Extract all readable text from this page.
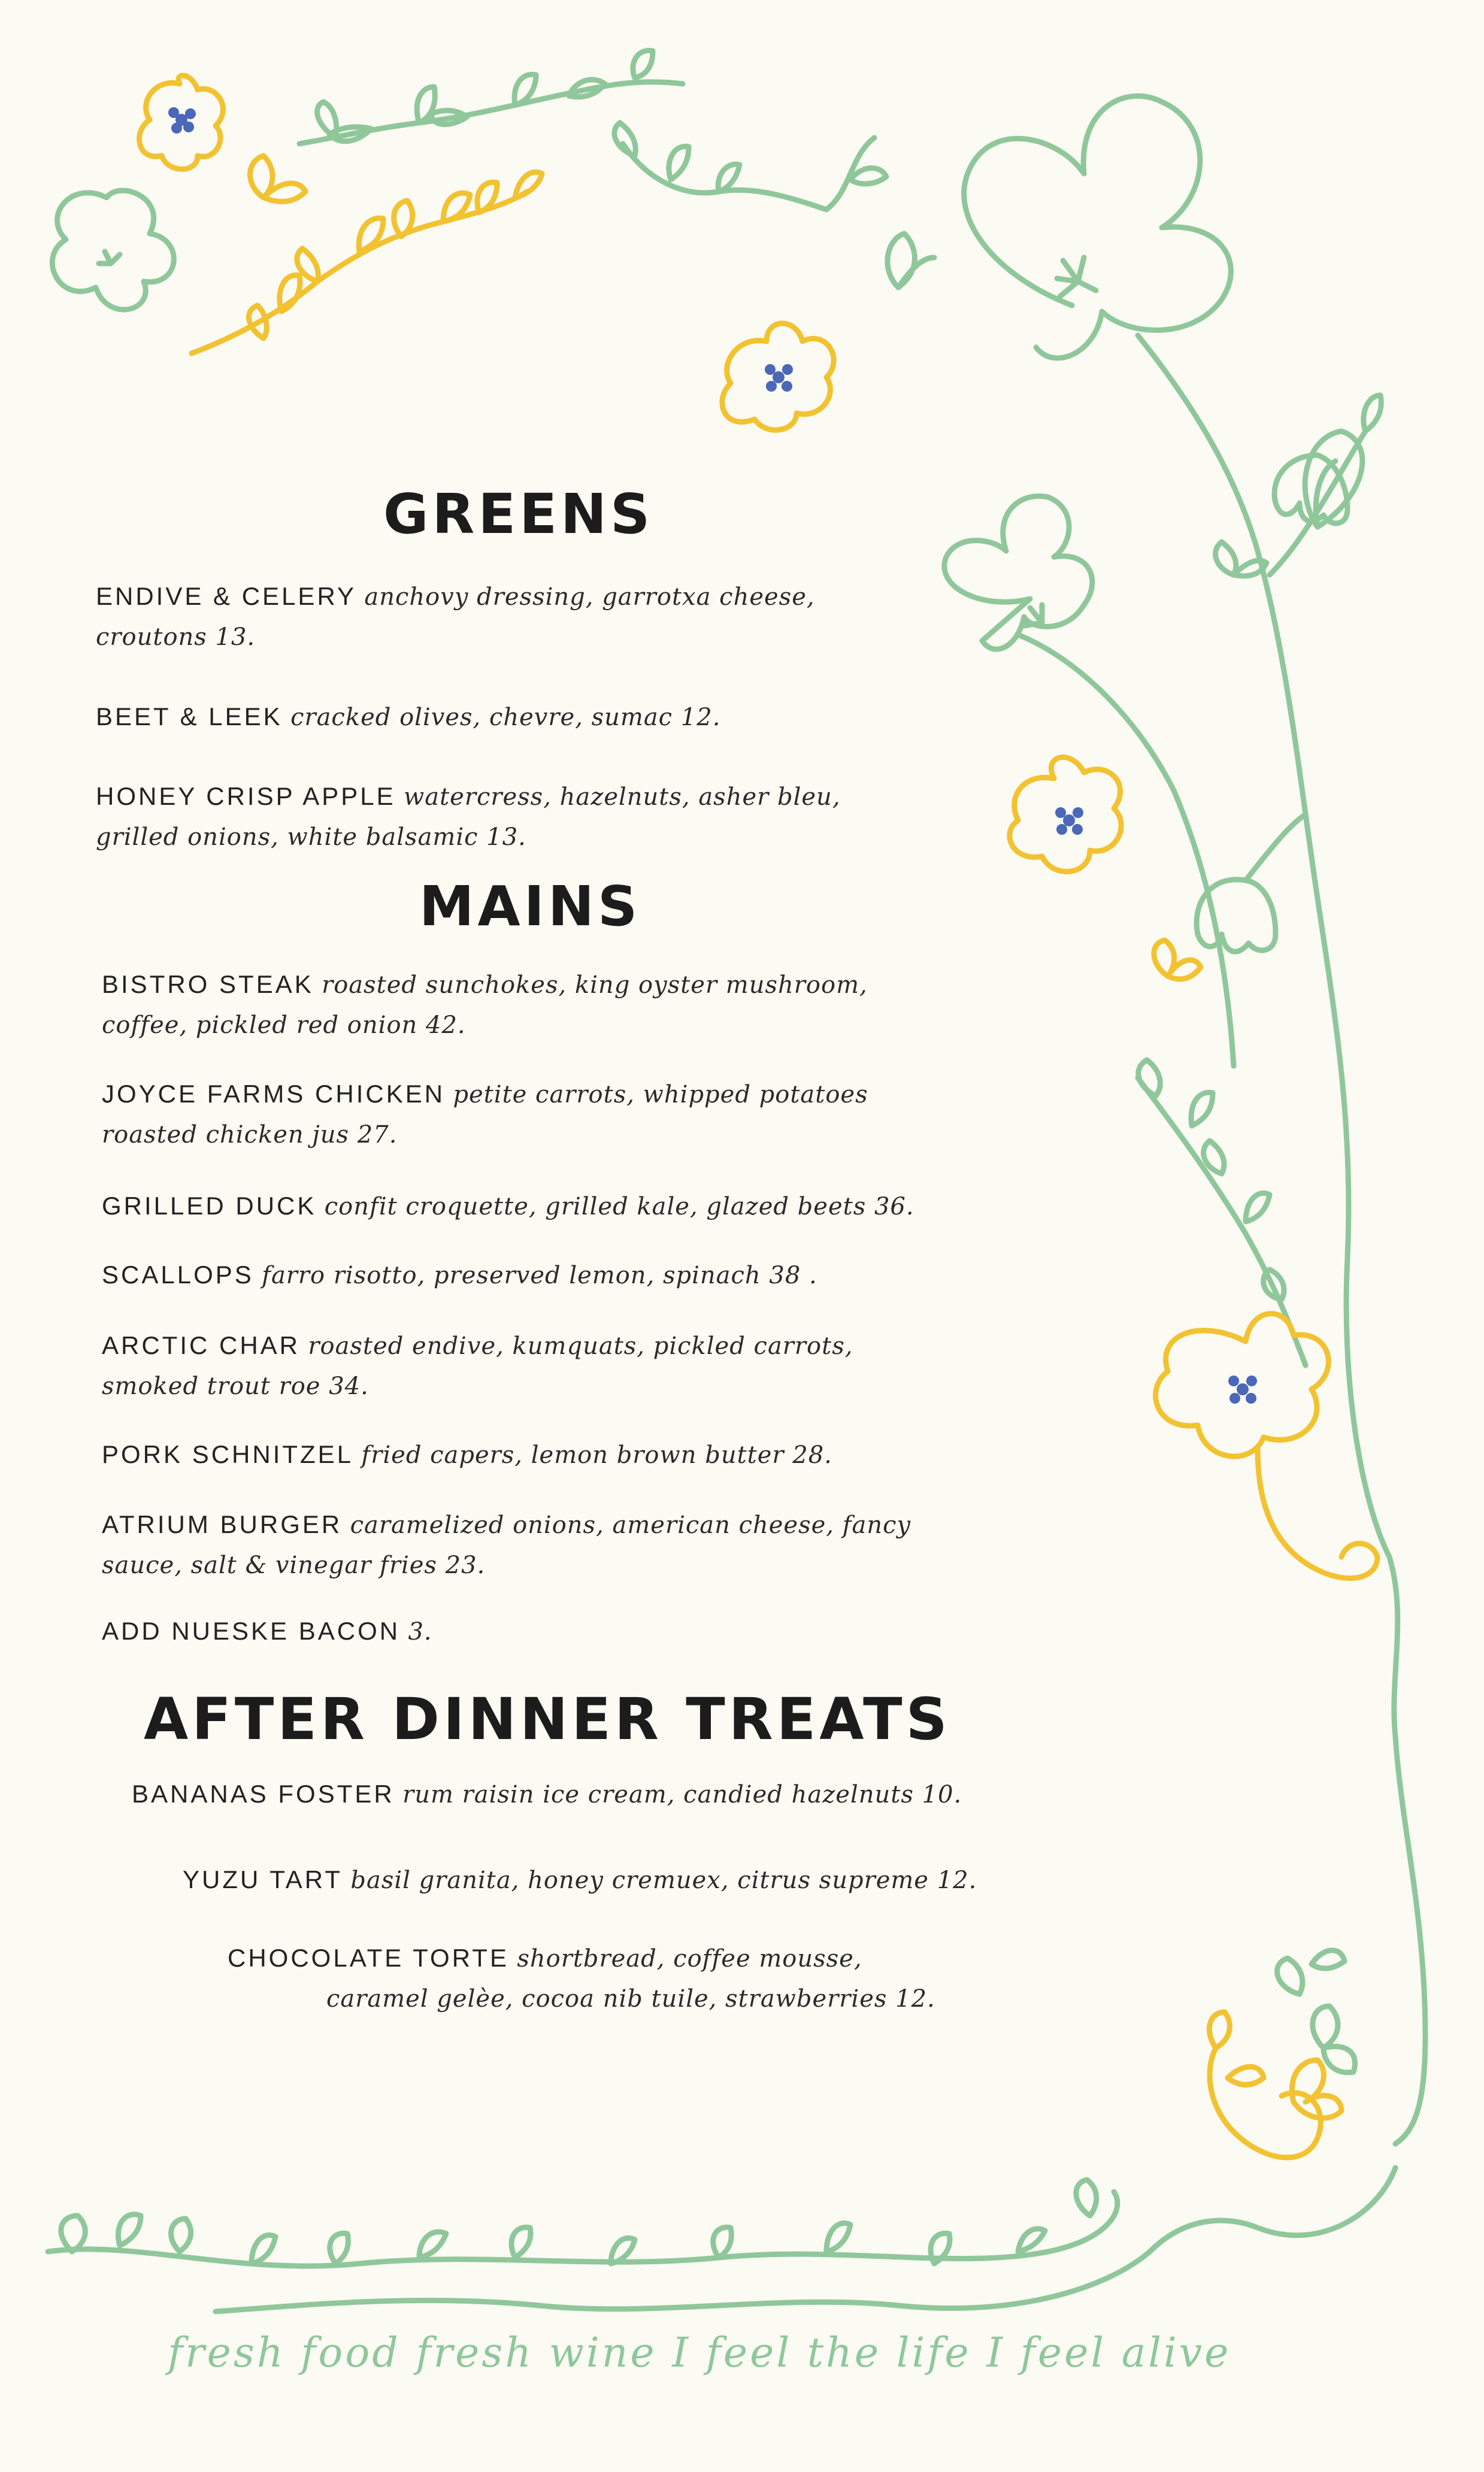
GREENS
ENDIVE & CELERY anchovy dressing, garrotxa cheese,
croutons 13.
BEET & LEEK cracked olives, chevre, sumac 12.
HONEY CRISP APPLE watercress, hazelnuts, asher bleu,
grilled onions, white balsamic 13.
MAINS
BISTRO STEAK roasted sunchokes, king oyster mushroom,
coffee, pickled red onion 42.
JOYCE FARMS CHICKEN petite carrots, whipped potatoes
roasted chicken jus 27.
GRILLED DUCK confit croquette, grilled kale, glazed beets 36.
SCALLOPS farro risotto, preserved lemon, spinach 38 .
ARCTIC CHAR roasted endive, kumquats, pickled carrots,
smoked trout roe 34.
PORK SCHNITZEL fried capers, lemon brown butter 28.
ATRIUM BURGER caramelized onions, american cheese, fancy
sauce, salt & vinegar fries 23.
ADD NUESKE BACON 3.
AFTER DINNER TREATS
BANANAS FOSTER rum raisin ice cream, candied hazelnuts 10.
YUZU TART basil granita, honey cremuex, citrus supreme 12.
CHOCOLATE TORTE shortbread, coffee mousse,
caramel gelèe, cocoa nib tuile, strawberries 12.

fresh food fresh wine I feel the life I feel alive
